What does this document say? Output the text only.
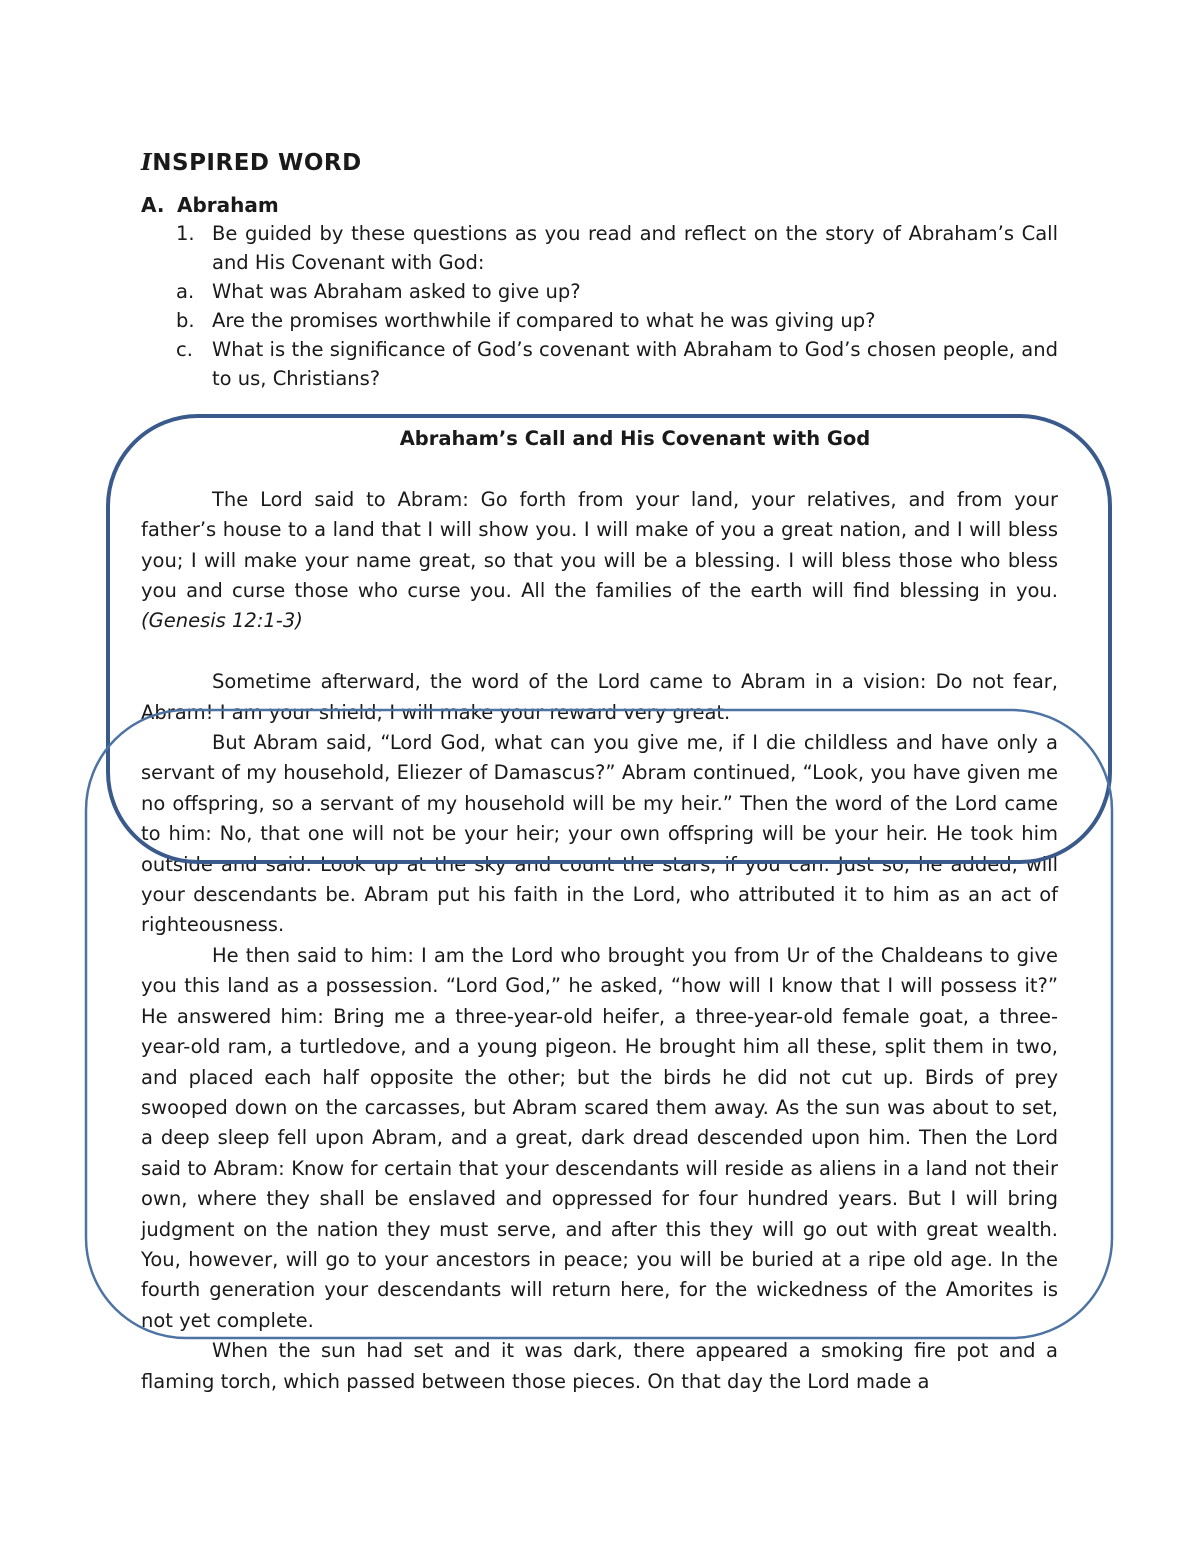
INSPIRED WORD
A. Abraham
1. Be guided by these questions as you read and reflect on the story of Abraham’s Call and His Covenant with God:
a. What was Abraham asked to give up?
b. Are the promises worthwhile if compared to what he was giving up?
c. What is the significance of God’s covenant with Abraham to God’s chosen people, and to us, Christians?

Abraham’s Call and His Covenant with God

The Lord said to Abram: Go forth from your land, your relatives, and from your father’s house to a land that I will show you. I will make of you a great nation, and I will bless you; I will make your name great, so that you will be a blessing. I will bless those who bless you and curse those who curse you. All the families of the earth will find blessing in you. (Genesis 12:1-3)

Sometime afterward, the word of the Lord came to Abram in a vision: Do not fear, Abram! I am your shield; I will make your reward very great.

But Abram said, “Lord God, what can you give me, if I die childless and have only a servant of my household, Eliezer of Damascus?” Abram continued, “Look, you have given me no offspring, so a servant of my household will be my heir.” Then the word of the Lord came to him: No, that one will not be your heir; your own offspring will be your heir. He took him outside and said: Look up at the sky and count the stars, if you can. Just so, he added, will your descendants be. Abram put his faith in the Lord, who attributed it to him as an act of righteousness.

He then said to him: I am the Lord who brought you from Ur of the Chaldeans to give you this land as a possession. “Lord God,” he asked, “how will I know that I will possess it?” He answered him: Bring me a three-year-old heifer, a three-year-old female goat, a three-year-old ram, a turtledove, and a young pigeon. He brought him all these, split them in two, and placed each half opposite the other; but the birds he did not cut up. Birds of prey swooped down on the carcasses, but Abram scared them away. As the sun was about to set, a deep sleep fell upon Abram, and a great, dark dread descended upon him. Then the Lord said to Abram: Know for certain that your descendants will reside as aliens in a land not their own, where they shall be enslaved and oppressed for four hundred years. But I will bring judgment on the nation they must serve, and after this they will go out with great wealth. You, however, will go to your ancestors in peace; you will be buried at a ripe old age. In the fourth generation your descendants will return here, for the wickedness of the Amorites is not yet complete.

When the sun had set and it was dark, there appeared a smoking fire pot and a flaming torch, which passed between those pieces. On that day the Lord made a
